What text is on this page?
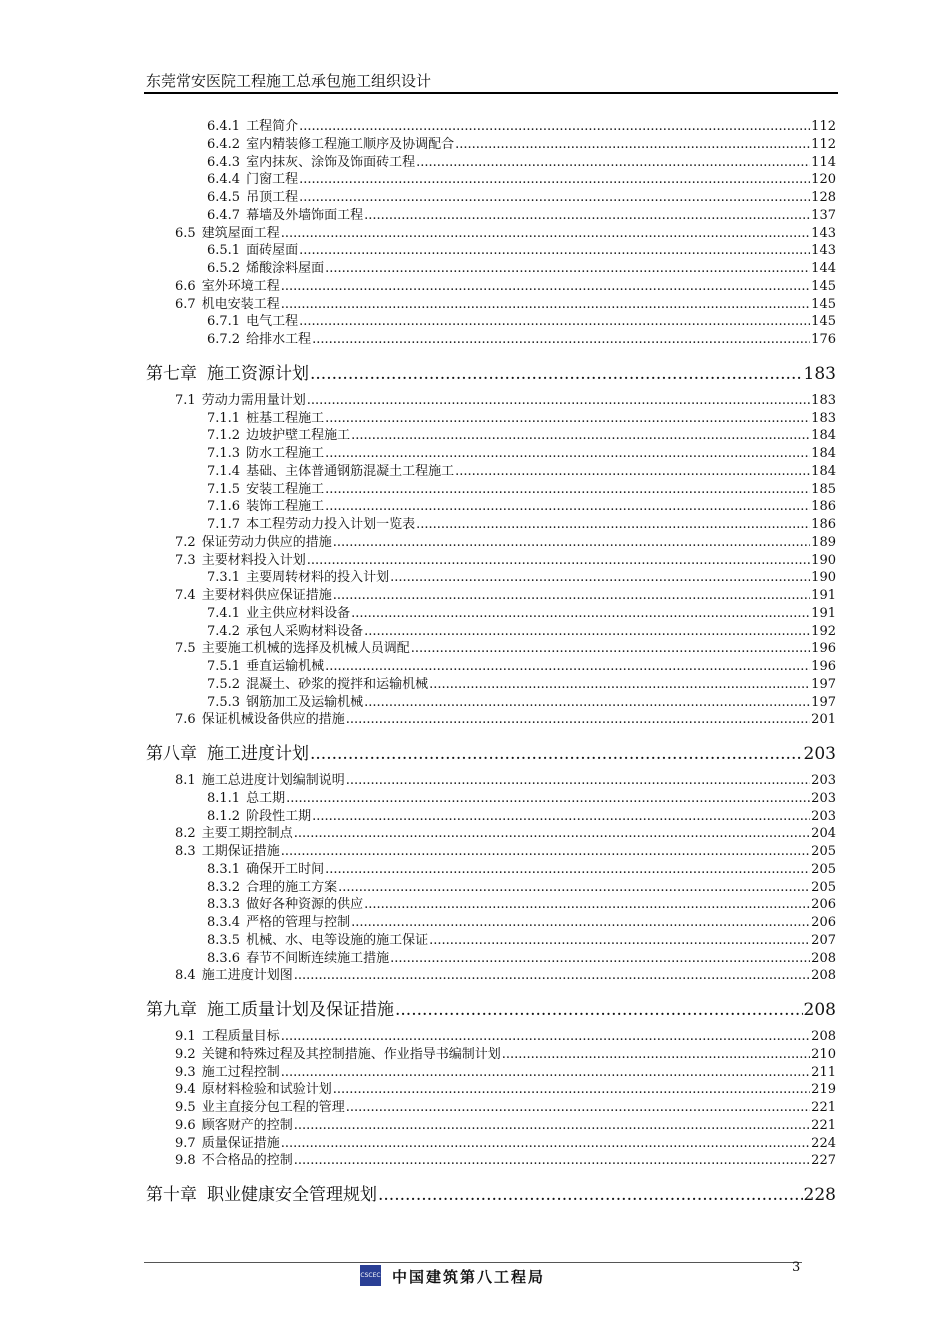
东莞常安医院工程施工总承包施工组织设计
6.4.1 工程简介 .....	112
6.4.2 室内精装修工程施工顺序及协调配合 .....	112
6.4.3 室内抹灰、涂饰及饰面砖工程 .....	114
6.4.4 门窗工程 .....	120
6.4.5 吊顶工程 .....	128
6.4.7 幕墙及外墙饰面工程 .....	137
6.5 建筑屋面工程 .....	143
6.5.1 面砖屋面 .....	143
6.5.2 烯酸涂料屋面 .....	144
6.6 室外环境工程 .....	145
6.7 机电安装工程 .....	145
6.7.1 电气工程 .....	145
6.7.2 给排水工程 .....	176
第七章 施工资源计划 .....	183
7.1 劳动力需用量计划 .....	183
7.1.1 桩基工程施工 .....	183
7.1.2 边坡护壁工程施工 .....	184
7.1.3 防水工程施工 .....	184
7.1.4 基础、主体普通钢筋混凝土工程施工 .....	184
7.1.5 安装工程施工 .....	185
7.1.6 装饰工程施工 .....	186
7.1.7 本工程劳动力投入计划一览表 .....	186
7.2 保证劳动力供应的措施 .....	189
7.3 主要材料投入计划 .....	190
7.3.1 主要周转材料的投入计划 .....	190
7.4 主要材料供应保证措施 .....	191
7.4.1 业主供应材料设备 .....	191
7.4.2 承包人采购材料设备 .....	192
7.5 主要施工机械的选择及机械人员调配 .....	196
7.5.1 垂直运输机械 .....	196
7.5.2 混凝土、砂浆的搅拌和运输机械 .....	197
7.5.3 钢筋加工及运输机械 .....	197
7.6 保证机械设备供应的措施 .....	201
第八章 施工进度计划 .....	203
8.1 施工总进度计划编制说明 .....	203
8.1.1 总工期 .....	203
8.1.2 阶段性工期 .....	203
8.2 主要工期控制点 .....	204
8.3 工期保证措施 .....	205
8.3.1 确保开工时间 .....	205
8.3.2 合理的施工方案 .....	205
8.3.3 做好各种资源的供应 .....	206
8.3.4 严格的管理与控制 .....	206
8.3.5 机械、水、电等设施的施工保证 .....	207
8.3.6 春节不间断连续施工措施 .....	208
8.4 施工进度计划图 .....	208
第九章 施工质量计划及保证措施 .....	208
9.1 工程质量目标 .....	208
9.2 关键和特殊过程及其控制措施、作业指导书编制计划 .....	210
9.3 施工过程控制 .....	211
9.4 原材料检验和试验计划 .....	219
9.5 业主直接分包工程的管理 .....	221
9.6 顾客财产的控制 .....	221
9.7 质量保证措施 .....	224
9.8 不合格品的控制 .....	227
第十章 职业健康安全管理规划 .....	228
3
CSCEC 中国建筑第八工程局
